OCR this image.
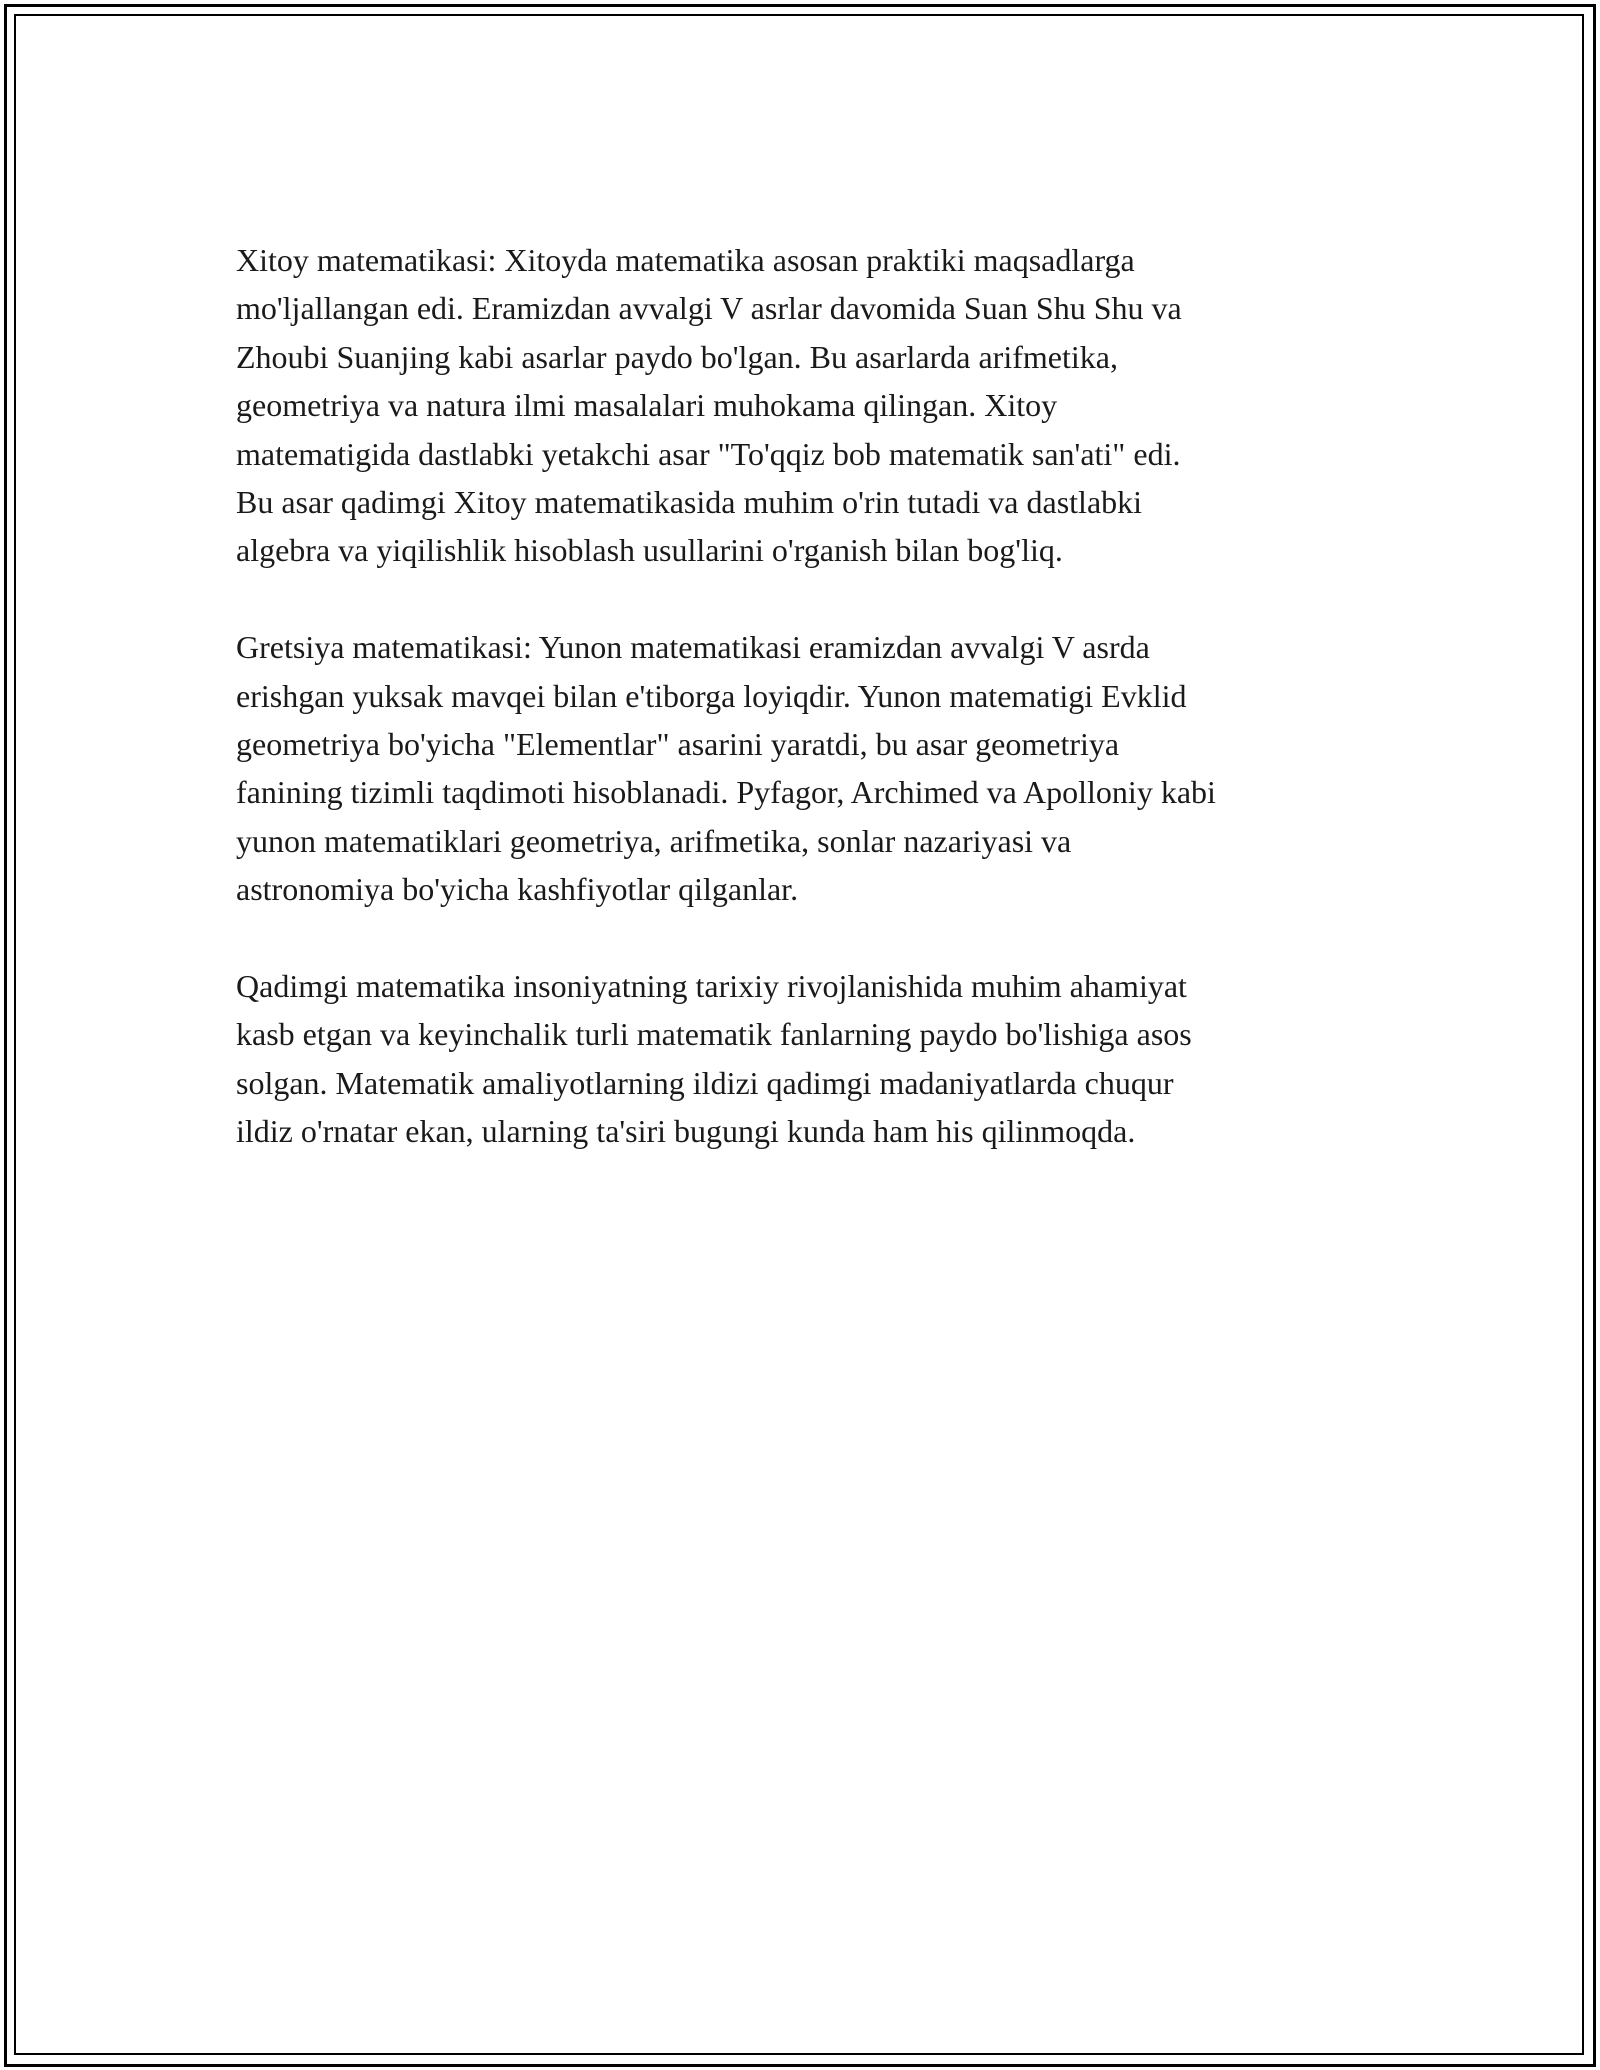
Xitoy matematikasi: Xitoyda matematika asosan praktiki maqsadlarga
mo'ljallangan edi. Eramizdan avvalgi V asrlar davomida Suan Shu Shu va
Zhoubi Suanjing kabi asarlar paydo bo'lgan. Bu asarlarda arifmetika,
geometriya va natura ilmi masalalari muhokama qilingan. Xitoy
matematigida dastlabki yetakchi asar "To'qqiz bob matematik san'ati" edi.
Bu asar qadimgi Xitoy matematikasida muhim o'rin tutadi va dastlabki
algebra va yiqilishlik hisoblash usullarini o'rganish bilan bog'liq.

Gretsiya matematikasi: Yunon matematikasi eramizdan avvalgi V asrda
erishgan yuksak mavqei bilan e'tiborga loyiqdir. Yunon matematigi Evklid
geometriya bo'yicha "Elementlar" asarini yaratdi, bu asar geometriya
fanining tizimli taqdimoti hisoblanadi. Pyfagor, Archimed va Apolloniy kabi
yunon matematiklari geometriya, arifmetika, sonlar nazariyasi va
astronomiya bo'yicha kashfiyotlar qilganlar.

Qadimgi matematika insoniyatning tarixiy rivojlanishida muhim ahamiyat
kasb etgan va keyinchalik turli matematik fanlarning paydo bo'lishiga asos
solgan. Matematik amaliyotlarning ildizi qadimgi madaniyatlarda chuqur
ildiz o'rnatar ekan, ularning ta'siri bugungi kunda ham his qilinmoqda.
